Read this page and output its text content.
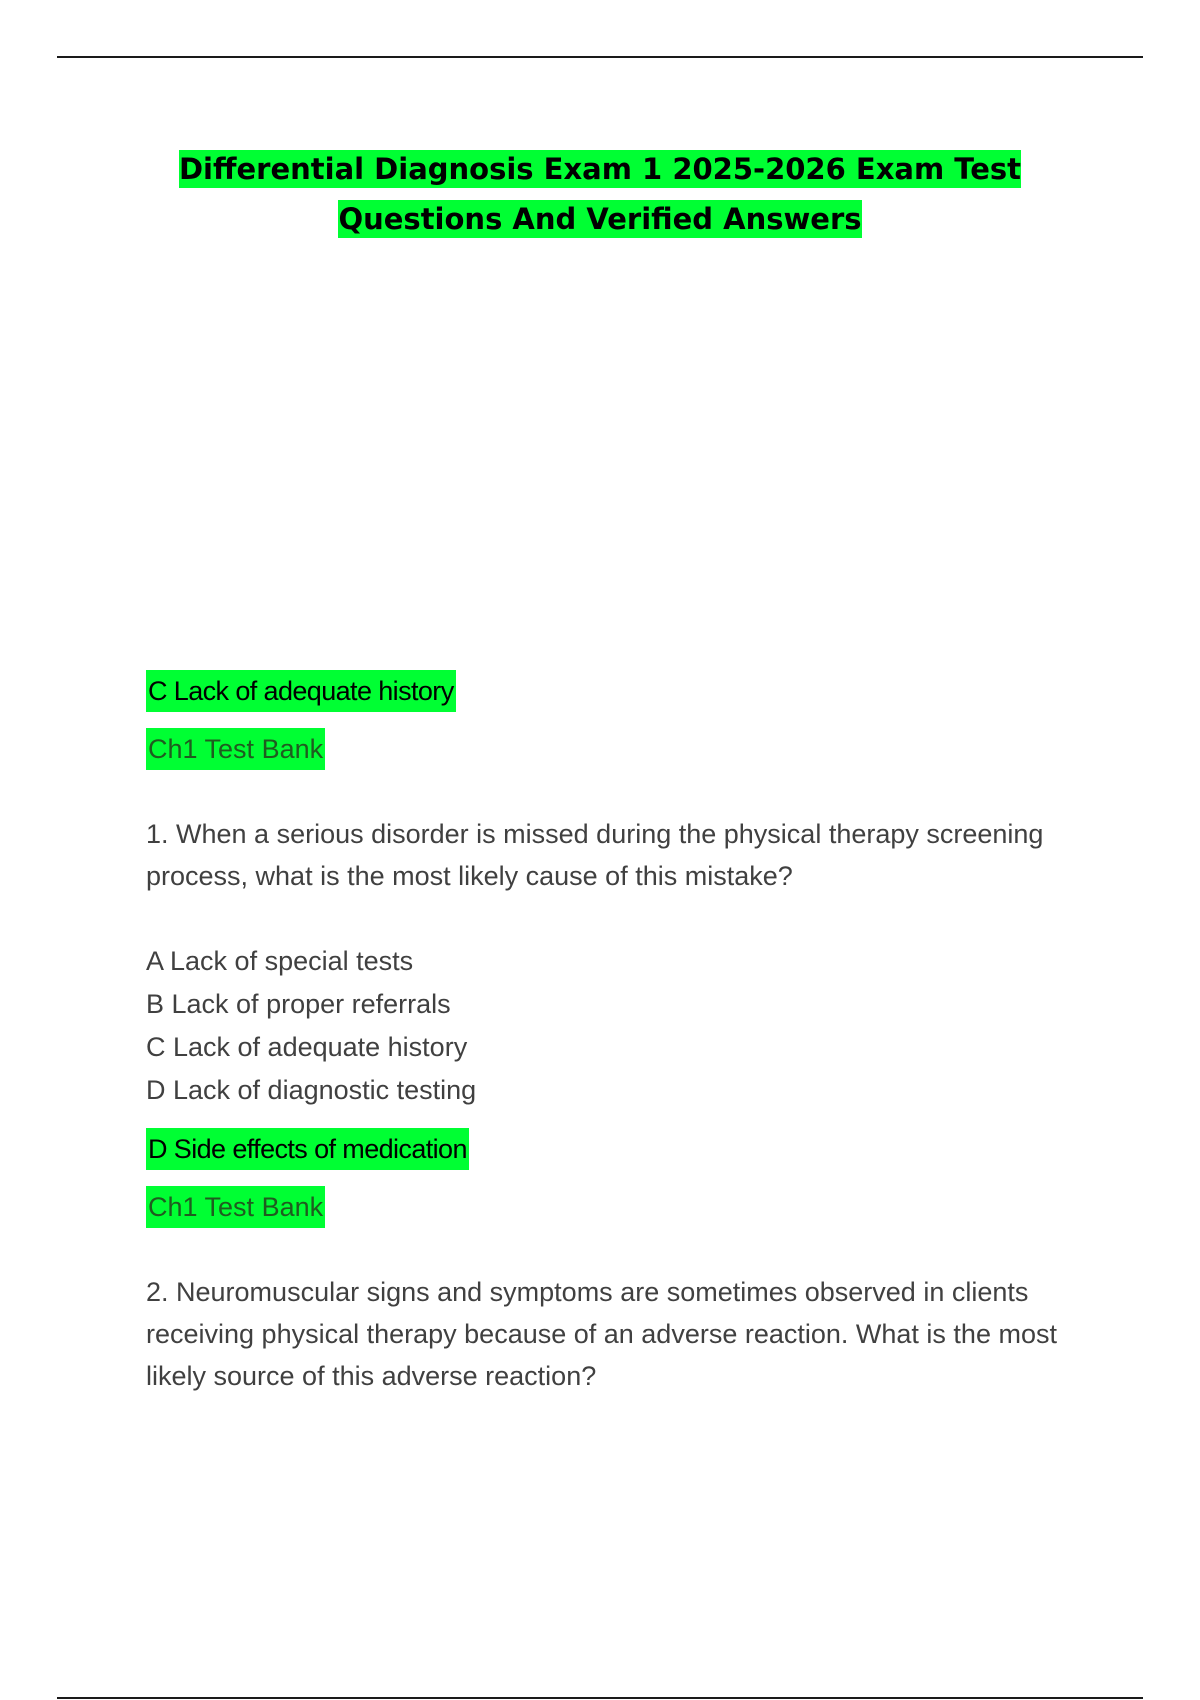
Differential Diagnosis Exam 1 2025-2026 Exam Test
Questions And Verified Answers
C Lack of adequate history
Ch1 Test Bank

1. When a serious disorder is missed during the physical therapy screening process, what is the most likely cause of this mistake?

A Lack of special tests
B Lack of proper referrals
C Lack of adequate history
D Lack of diagnostic testing
D Side effects of medication
Ch1 Test Bank

2. Neuromuscular signs and symptoms are sometimes observed in clients receiving physical therapy because of an adverse reaction. What is the most likely source of this adverse reaction?
